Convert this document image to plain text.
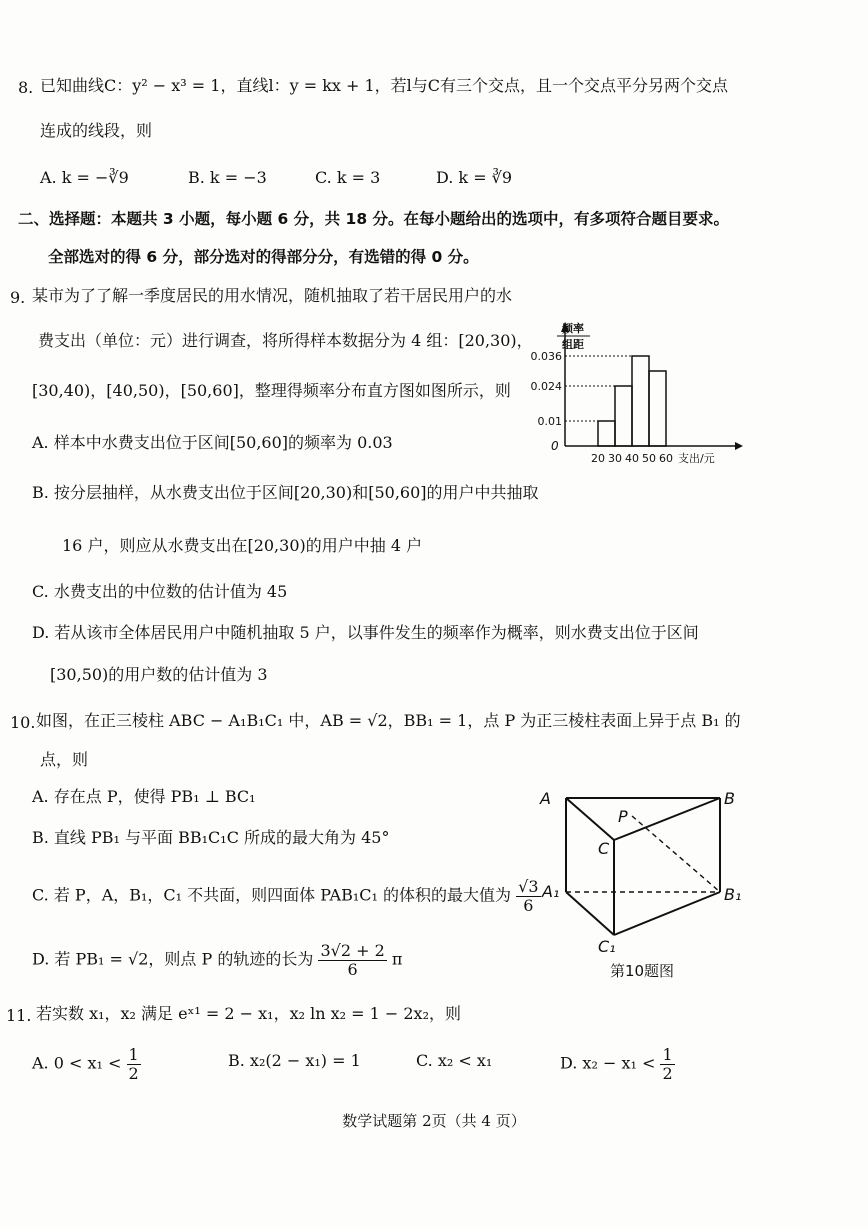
8. 已知曲线C：y² − x³ = 1，直线l：y = kx + 1，若l与C有三个交点，且一个交点平分另两个交点
连成的线段，则
A. k = −∛9	B. k = −3	C. k = 3	D. k = ∛9
二、选择题：本题共 3 小题，每小题 6 分，共 18 分。在每小题给出的选项中，有多项符合题目要求。
全部选对的得 6 分，部分选对的得部分分，有选错的得 0 分。
9. 某市为了了解一季度居民的用水情况，随机抽取了若干居民用户的水
费支出（单位：元）进行调查，将所得样本数据分为 4 组：[20,30)，
[30,40)，[40,50)，[50,60]，整理得频率分布直方图如图所示，则
A. 样本中水费支出位于区间[50,60]的频率为 0.03
B. 按分层抽样，从水费支出位于区间[20,30)和[50,60]的用户中共抽取
16 户，则应从水费支出在[20,30)的用户中抽 4 户
C. 水费支出的中位数的估计值为 45
D. 若从该市全体居民用户中随机抽取 5 户，以事件发生的频率作为概率，则水费支出位于区间
[30,50)的用户数的估计值为 3
0.036
0.024
0.01
20 30 40 50 60 支出/元
0
频率
组距
10. 如图，在正三棱柱 ABC − A₁B₁C₁ 中，AB = √2，BB₁ = 1，点 P 为正三棱柱表面上异于点 B₁ 的
点，则
A. 存在点 P，使得 PB₁ ⊥ BC₁
B. 直线 PB₁ 与平面 BB₁C₁C 所成的最大角为 45°
C. 若 P，A，B₁，C₁ 不共面，则四面体 PAB₁C₁ 的体积的最大值为 $\frac{√3}{6}$
D. 若 PB₁ = √2，则点 P 的轨迹的长为 $\frac{3√2 + 2}{6}$ π
A	B
C
P
A₁	B₁
C₁
第10题图
11. 若实数 x₁，x₂ 满足 eˣ¹ = 2 − x₁，x₂ ln x₂ = 1 − 2x₂，则
A. $0 < x_1 < \frac{1}{2}$	B. x₂(2 − x₁) = 1	C. x₂ < x₁	D. $x_2 - x_1 < \frac{1}{2}$
数学试题第 2页（共 4 页）
